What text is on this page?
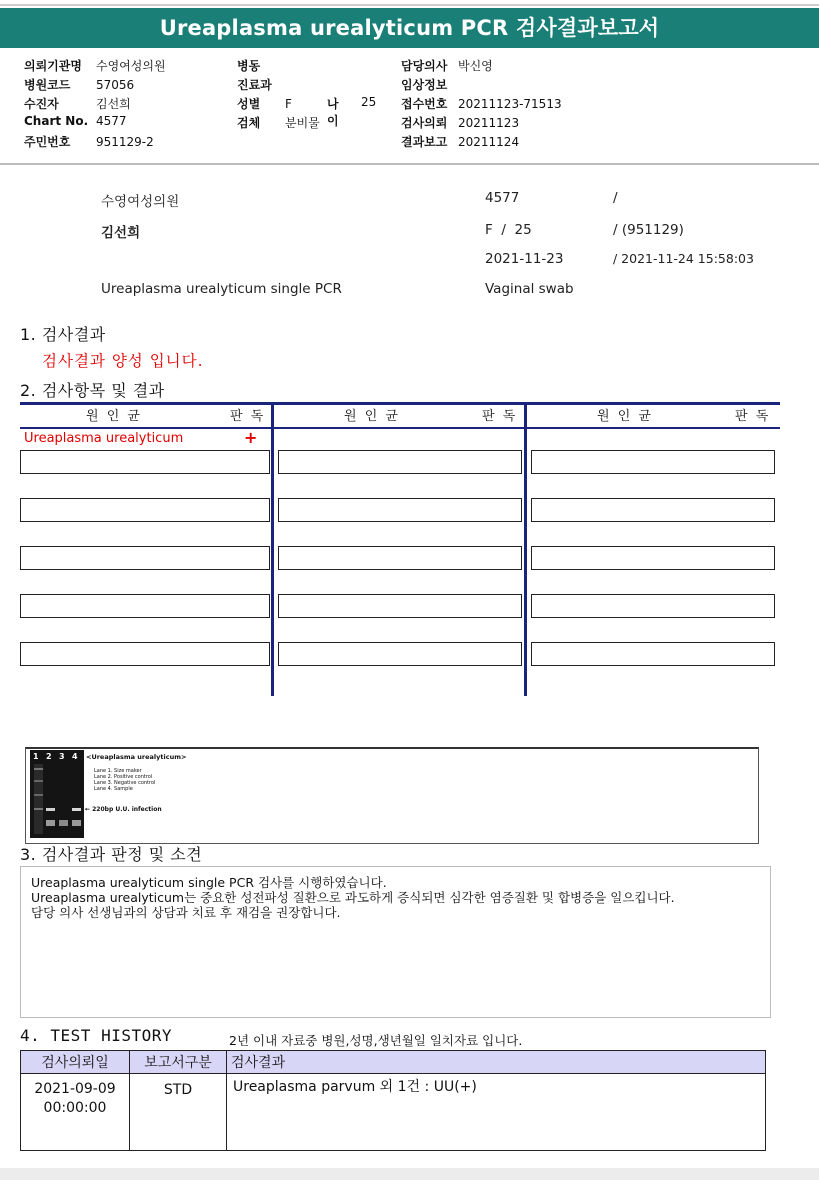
Ureaplasma urealyticum PCR 검사결과보고서
의뢰기관명 수영여성의원
병원코드 57056
수진자	김선희
Chart No. 4577
주민번호 951129-2
병동
진료과
성별 F	나이
25
검체 분비물
담당의사 박신영
임상정보
접수번호 20211123-71513
검사의뢰 20211123
결과보고 20211124
수영여성의원	4577	/
김선희	F  /  25	/ (951129)
2021-11-23	/ 2021-11-24 15:58:03
Ureaplasma urealyticum single PCR	Vaginal swab
1. 검사결과
검사결과 양성 입니다.
2. 검사항목 및 결과
원 인 균	판 독	원 인 균	판 독	원 인 균	판 독
Ureaplasma urealyticum	+
1 2 3 4 <Ureaplasma urealyticum>
Lane 1. Size maker
Lane 2. Positive control
Lane 3. Negative control
Lane 4. Sample
← 220bp U.U. infection
3. 검사결과 판정 및 소견
Ureaplasma urealyticum single PCR 검사를 시행하였습니다.
Ureaplasma urealyticum는 중요한 성전파성 질환으로 과도하게 증식되면 심각한 염증질환 및 합병증을 일으킵니다.
담당 의사 선생님과의 상담과 치료 후 재검을 권장합니다.
4. TEST HISTORY	2년 이내 자료중 병원,성명,생년월일 일치자료 입니다.
검사의뢰일	보고서구분	검사결과

2021-09-09
00:00:00	STD	Ureaplasma parvum 외 1건 : UU(+)
